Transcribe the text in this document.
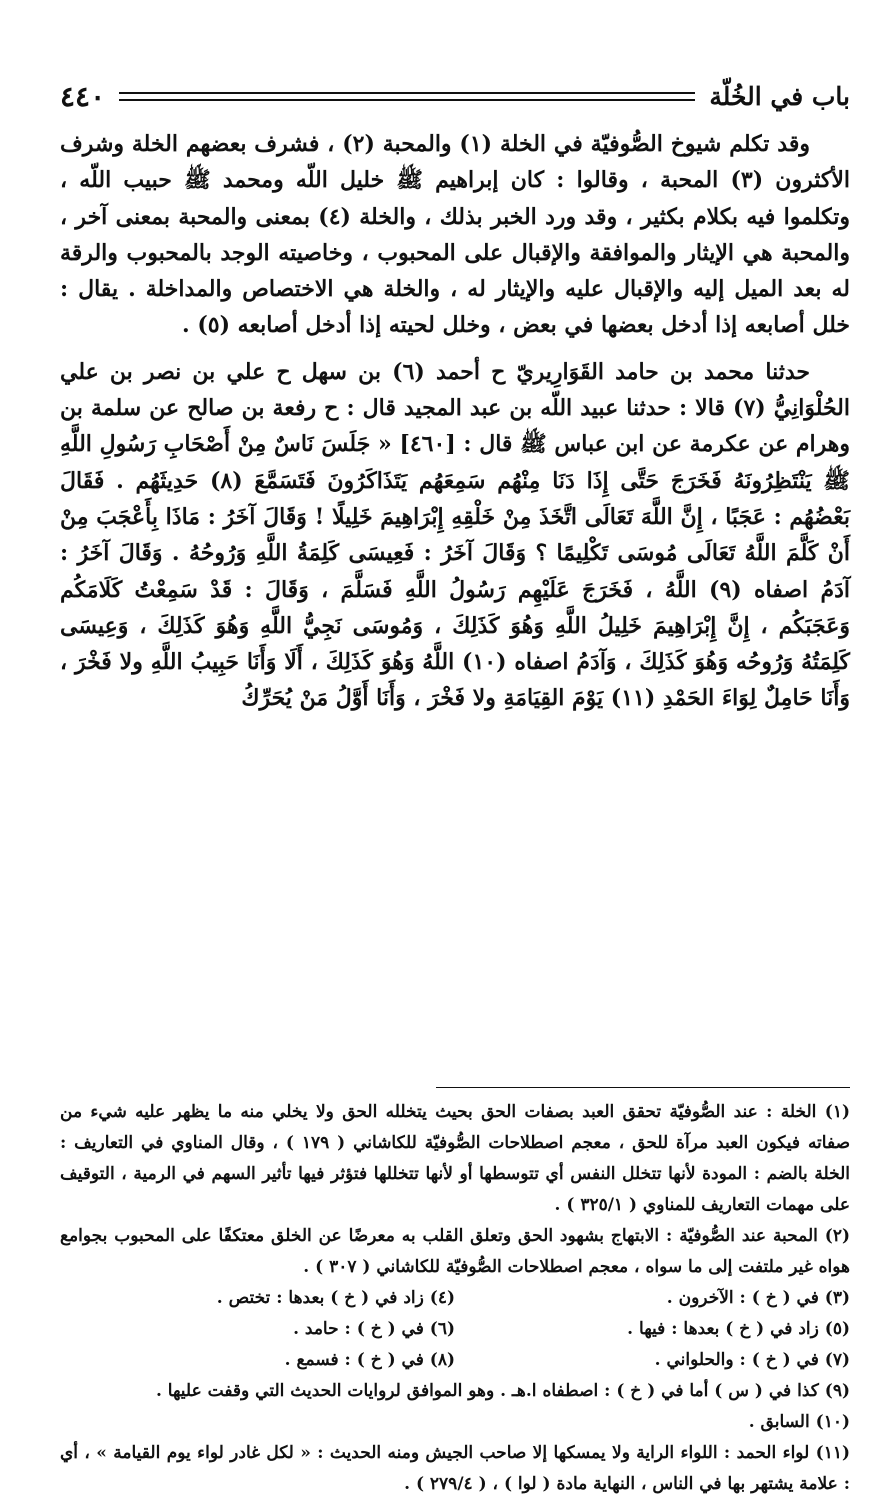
باب في الخُلّة
٤٤٠

وقد تكلم شيوخ الصُّوفيّة في الخلة (١) والمحبة (٢) ، فشرف بعضهم الخلة وشرف الأكثرون (٣) المحبة ، وقالوا : كان إبراهيم ﷺ خليل اللّه ومحمد ﷺ حبيب اللّه ، وتكلموا فيه بكلام بكثير ، وقد ورد الخبر بذلك ، والخلة (٤) بمعنى والمحبة بمعنى آخر ، والمحبة هي الإيثار والموافقة والإقبال على المحبوب ، وخاصيته الوجد بالمحبوب والرقة له بعد الميل إليه والإقبال عليه والإيثار له ، والخلة هي الاختصاص والمداخلة . يقال : خلل أصابعه إذا أدخل بعضها في بعض ، وخلل لحيته إذا أدخل أصابعه (٥) .

حدثنا محمد بن حامد القَوَارِيريّ ح أحمد (٦) بن سهل ح علي بن نصر بن علي الحُلْوَانِيُّ (٧) قالا : حدثنا عبيد اللّه بن عبد المجيد قال : ح رفعة بن صالح عن سلمة بن وهرام عن عكرمة عن ابن عباس ﷺ قال : [٤٦٠] « جَلَسَ نَاسٌ مِنْ أَصْحَابِ رَسُولِ اللَّهِ ﷺ يَنْتَظِرُونَهُ فَخَرَجَ حَتَّى إِذَا دَنَا مِنْهُم سَمِعَهُم يَتَذَاكَرُونَ فَتَسَمَّعَ (٨) حَدِيثَهُم . فَقَالَ بَعْضُهُم : عَجَبًا ، إِنَّ اللَّهَ تَعَالَى اتَّخَذَ مِنْ خَلْقِهِ إِبْرَاهِيمَ خَلِيلًا ! وَقَالَ آخَرُ : مَاذَا بِأَعْجَبَ مِنْ أَنْ كَلَّمَ اللَّهُ تَعَالَى مُوسَى تَكْلِيمًا ؟ وَقَالَ آخَرُ : فَعِيسَى كَلِمَةُ اللَّهِ وَرُوحُهُ . وَقَالَ آخَرُ : آدَمُ اصفاه (٩) اللَّهُ ، فَخَرَجَ عَلَيْهِم رَسُولُ اللَّهِ فَسَلَّمَ ، وَقَالَ : قَدْ سَمِعْتُ كَلَامَكُم وَعَجَبَكُم ، إِنَّ إِبْرَاهِيمَ خَلِيلُ اللَّهِ وَهُوَ كَذَلِكَ ، وَمُوسَى نَجِيُّ اللَّهِ وَهُوَ كَذَلِكَ ، وَعِيسَى كَلِمَتُهُ وَرُوحُه وَهُوَ كَذَلِكَ ، وَآدَمُ اصفاه (١٠) اللَّهُ وَهُوَ كَذَلِكَ ، أَلَا وَأَنَا حَبِيبُ اللَّهِ ولا فَخْرَ ، وَأَنَا حَامِلٌ لِوَاءَ الحَمْدِ (١١) يَوْمَ القِيَامَةِ ولا فَخْرَ ، وَأَنَا أَوَّلُ مَنْ يُحَرِّكُ

(١) الخلة : عند الصُّوفيّة تحقق العبد بصفات الحق بحيث يتخلله الحق ولا يخلي منه ما يظهر عليه شيء من صفاته فيكون العبد مرآة للحق ، معجم اصطلاحات الصُّوفيّة للكاشاني ( ١٧٩ ) ، وقال المناوي في التعاريف : الخلة بالضم : المودة لأنها تتخلل النفس أي تتوسطها أو لأنها تتخللها فتؤثر فيها تأثير السهم في الرمية ، التوقيف على مهمات التعاريف للمناوي ( ٣٢٥/١ ) .

(٢) المحبة عند الصُّوفيّة : الابتهاج بشهود الحق وتعلق القلب به معرضًا عن الخلق معتكفًا على المحبوب بجوامع هواه غير ملتفت إلى ما سواه ، معجم اصطلاحات الصُّوفيّة للكاشاني ( ٣٠٧ ) .

(٣) في ( خ ) : الآخرون .
(٤) زاد في ( خ ) بعدها : تختص .
(٥) زاد في ( خ ) بعدها : فيها .
(٦) في ( خ ) : حامد .
(٧) في ( خ ) : والحلواني .
(٨) في ( خ ) : فسمع .

(٩) كذا في ( س ) أما في ( خ ) : اصطفاه ا.هـ . وهو الموافق لروايات الحديث التي وقفت عليها .

(١٠) السابق .

(١١) لواء الحمد : اللواء الراية ولا يمسكها إلا صاحب الجيش ومنه الحديث : « لكل غادر لواء يوم القيامة » ، أي : علامة يشتهر بها في الناس ، النهاية مادة ( لوا ) ، ( ٢٧٩/٤ ) .
